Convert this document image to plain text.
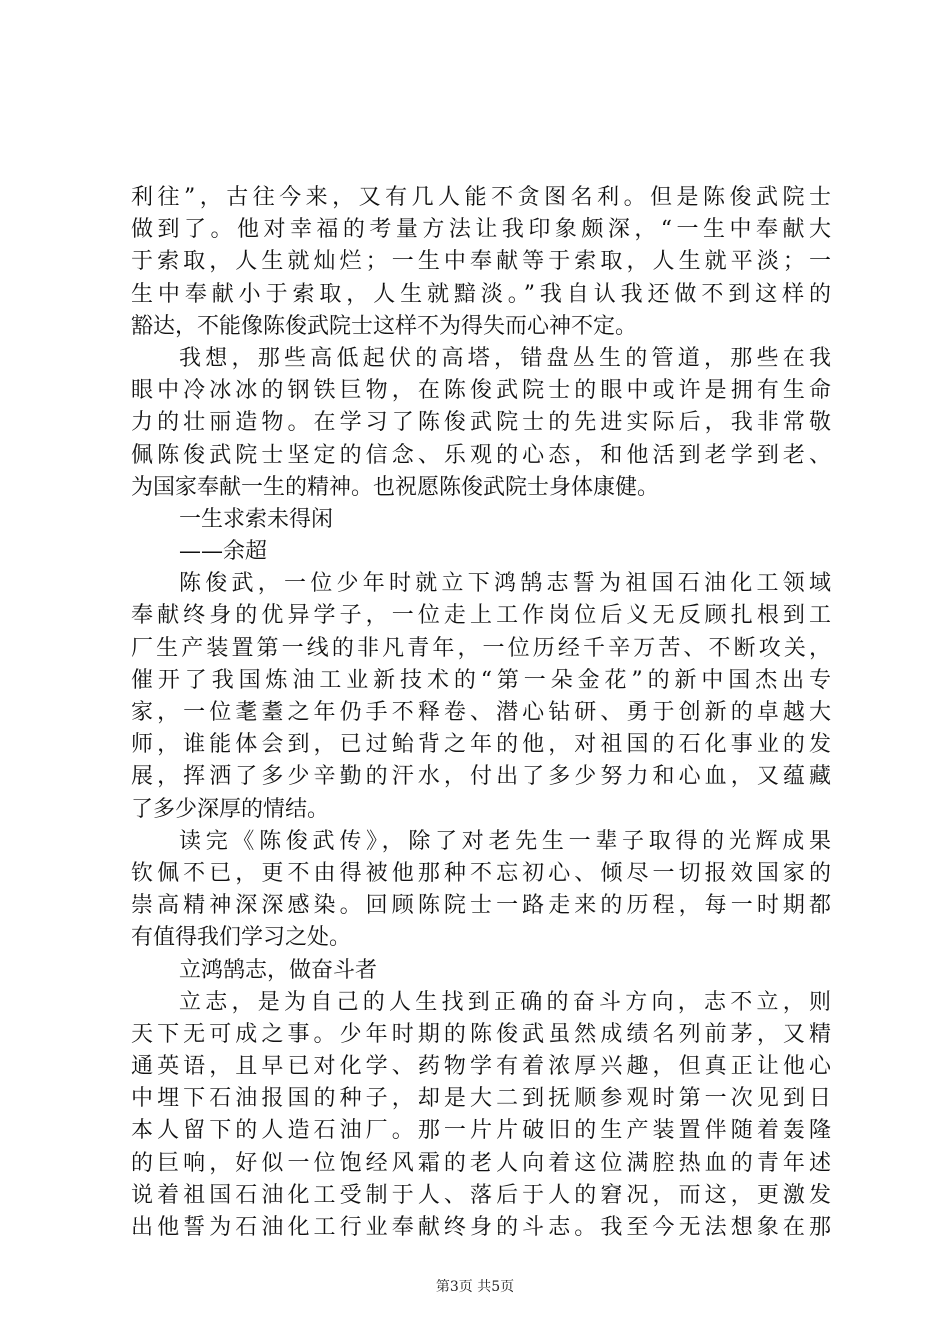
利往”，古往今来，又有几人能不贪图名利。但是陈俊武院士
做到了。他对幸福的考量方法让我印象颇深，“一生中奉献大
于索取，人生就灿烂；一生中奉献等于索取，人生就平淡；一
生中奉献小于索取，人生就黯淡。”我自认我还做不到这样的
豁达，不能像陈俊武院士这样不为得失而心神不定。
我想，那些高低起伏的高塔，错盘丛生的管道，那些在我
眼中冷冰冰的钢铁巨物，在陈俊武院士的眼中或许是拥有生命
力的壮丽造物。在学习了陈俊武院士的先进实际后，我非常敬
佩陈俊武院士坚定的信念、乐观的心态，和他活到老学到老、
为国家奉献一生的精神。也祝愿陈俊武院士身体康健。
一生求索未得闲
——余超
陈俊武，一位少年时就立下鸿鹄志誓为祖国石油化工领域
奉献终身的优异学子，一位走上工作岗位后义无反顾扎根到工
厂生产装置第一线的非凡青年，一位历经千辛万苦、不断攻关，
催开了我国炼油工业新技术的“第一朵金花”的新中国杰出专
家，一位耄耋之年仍手不释卷、潜心钻研、勇于创新的卓越大
师，谁能体会到，已过鲐背之年的他，对祖国的石化事业的发
展，挥洒了多少辛勤的汗水，付出了多少努力和心血，又蕴藏
了多少深厚的情结。
读完《陈俊武传》，除了对老先生一辈子取得的光辉成果
钦佩不已，更不由得被他那种不忘初心、倾尽一切报效国家的
崇高精神深深感染。回顾陈院士一路走来的历程，每一时期都
有值得我们学习之处。
立鸿鹄志，做奋斗者
立志，是为自己的人生找到正确的奋斗方向，志不立，则
天下无可成之事。少年时期的陈俊武虽然成绩名列前茅，又精
通英语，且早已对化学、药物学有着浓厚兴趣，但真正让他心
中埋下石油报国的种子，却是大二到抚顺参观时第一次见到日
本人留下的人造石油厂。那一片片破旧的生产装置伴随着轰隆
的巨响，好似一位饱经风霜的老人向着这位满腔热血的青年述
说着祖国石油化工受制于人、落后于人的窘况，而这，更激发
出他誓为石油化工行业奉献终身的斗志。我至今无法想象在那
第3页 共5页
